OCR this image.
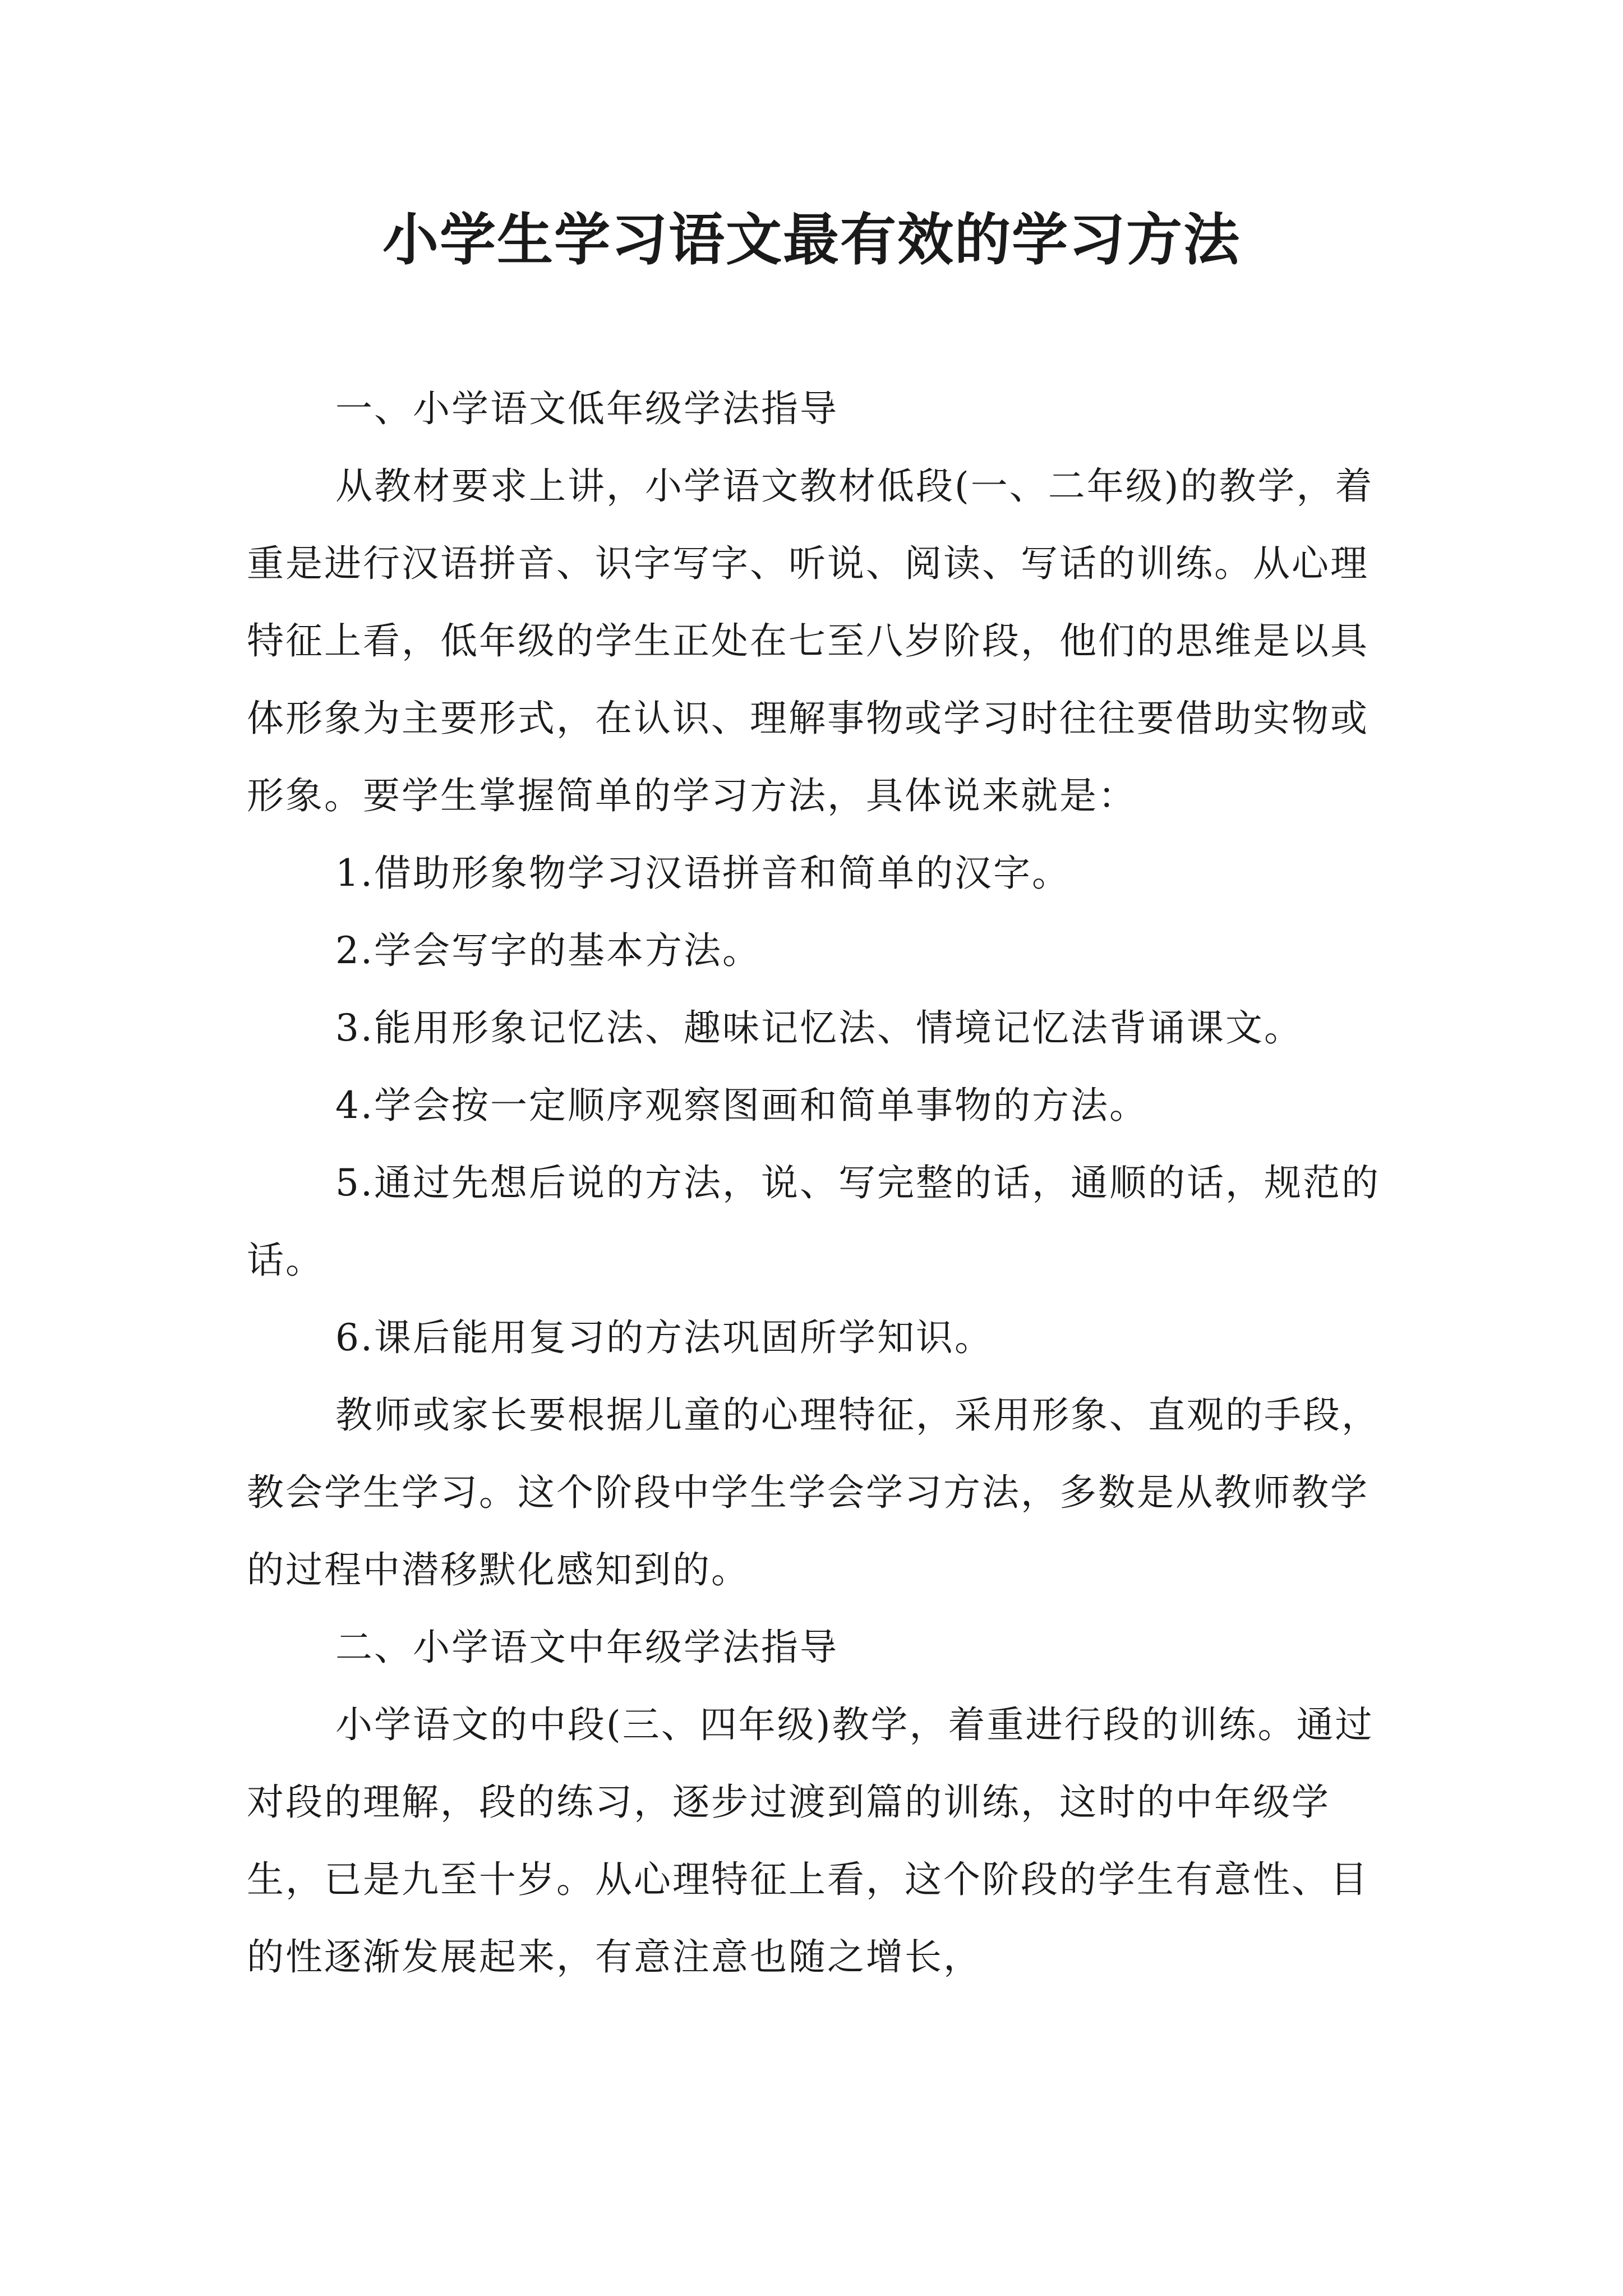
小学生学习语文最有效的学习方法

一、小学语文低年级学法指导

从教材要求上讲，小学语文教材低段(一、二年级)的教学，着重是进行汉语拼音、识字写字、听说、阅读、写话的训练。从心理特征上看，低年级的学生正处在七至八岁阶段，他们的思维是以具体形象为主要形式，在认识、理解事物或学习时往往要借助实物或形象。要学生掌握简单的学习方法，具体说来就是：

1.借助形象物学习汉语拼音和简单的汉字。

2.学会写字的基本方法。

3.能用形象记忆法、趣味记忆法、情境记忆法背诵课文。

4.学会按一定顺序观察图画和简单事物的方法。

5.通过先想后说的方法，说、写完整的话，通顺的话，规范的话。

6.课后能用复习的方法巩固所学知识。

教师或家长要根据儿童的心理特征，采用形象、直观的手段，教会学生学习。这个阶段中学生学会学习方法，多数是从教师教学的过程中潜移默化感知到的。

二、小学语文中年级学法指导

小学语文的中段(三、四年级)教学，着重进行段的训练。通过对段的理解，段的练习，逐步过渡到篇的训练，这时的中年级学生，已是九至十岁。从心理特征上看，这个阶段的学生有意性、目的性逐渐发展起来，有意注意也随之增长，
